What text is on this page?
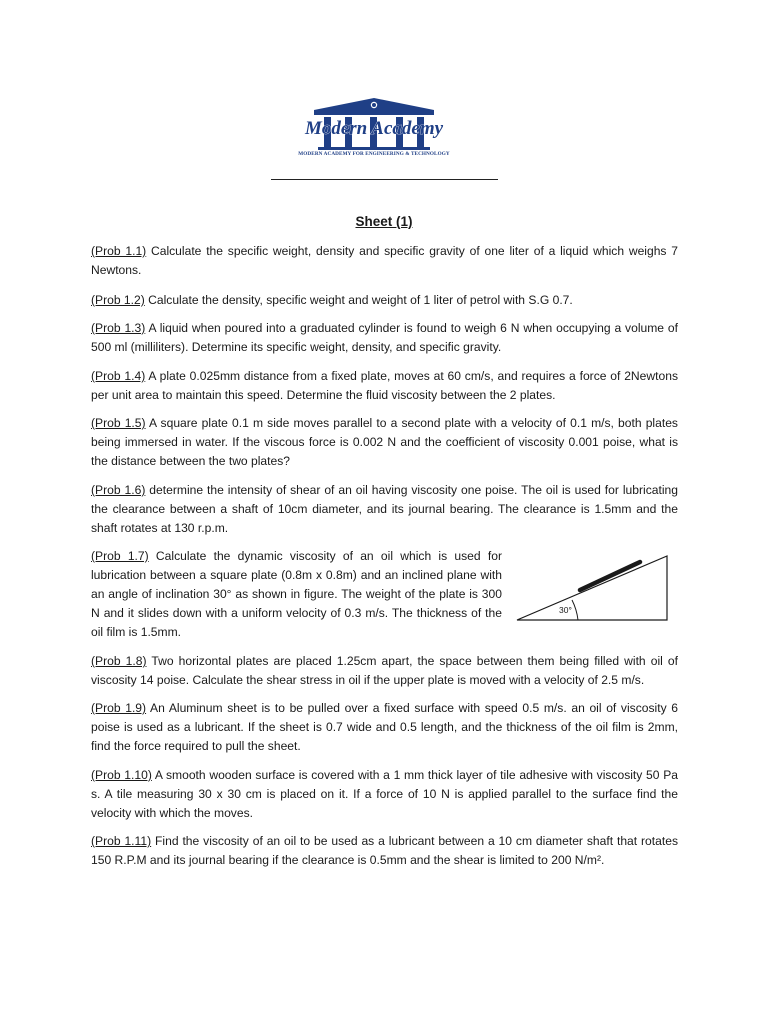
Modern Academy
MODERN ACADEMY FOR ENGINEERING & TECHNOLOGY
Sheet (1)
(Prob 1.1) Calculate the specific weight, density and specific gravity of one liter of a liquid which weighs 7 Newtons.
(Prob 1.2) Calculate the density, specific weight and weight of 1 liter of petrol with S.G 0.7.
(Prob 1.3) A liquid when poured into a graduated cylinder is found to weigh 6 N when occupying a volume of 500 ml (milliliters). Determine its specific weight, density, and specific gravity.
(Prob 1.4) A plate 0.025mm distance from a fixed plate, moves at 60 cm/s, and requires a force of 2Newtons per unit area to maintain this speed. Determine the fluid viscosity between the 2 plates.
(Prob 1.5) A square plate 0.1 m side moves parallel to a second plate with a velocity of 0.1 m/s, both plates being immersed in water. If the viscous force is 0.002 N and the coefficient of viscosity 0.001 poise, what is the distance between the two plates?
(Prob 1.6) determine the intensity of shear of an oil having viscosity one poise. The oil is used for lubricating the clearance between a shaft of 10cm diameter, and its journal bearing. The clearance is 1.5mm and the shaft rotates at 130 r.p.m.
(Prob 1.7) Calculate the dynamic viscosity of an oil which is used for lubrication between a square plate (0.8m x 0.8m) and an inclined plane with an angle of inclination 30° as shown in figure. The weight of the plate is 300 N and it slides down with a uniform velocity of 0.3 m/s. The thickness of the oil film is 1.5mm.
30°
(Prob 1.8) Two horizontal plates are placed 1.25cm apart, the space between them being filled with oil of viscosity 14 poise. Calculate the shear stress in oil if the upper plate is moved with a velocity of 2.5 m/s.
(Prob 1.9) An Aluminum sheet is to be pulled over a fixed surface with speed 0.5 m/s. an oil of viscosity 6 poise is used as a lubricant. If the sheet is 0.7 wide and 0.5 length, and the thickness of the oil film is 2mm, find the force required to pull the sheet.
(Prob 1.10) A smooth wooden surface is covered with a 1 mm thick layer of tile adhesive with viscosity 50 Pa s. A tile measuring 30 x 30 cm is placed on it. If a force of 10 N is applied parallel to the surface find the velocity with which the moves.
(Prob 1.11) Find the viscosity of an oil to be used as a lubricant between a 10 cm diameter shaft that rotates 150 R.P.M and its journal bearing if the clearance is 0.5mm and the shear is limited to 200 N/m².
